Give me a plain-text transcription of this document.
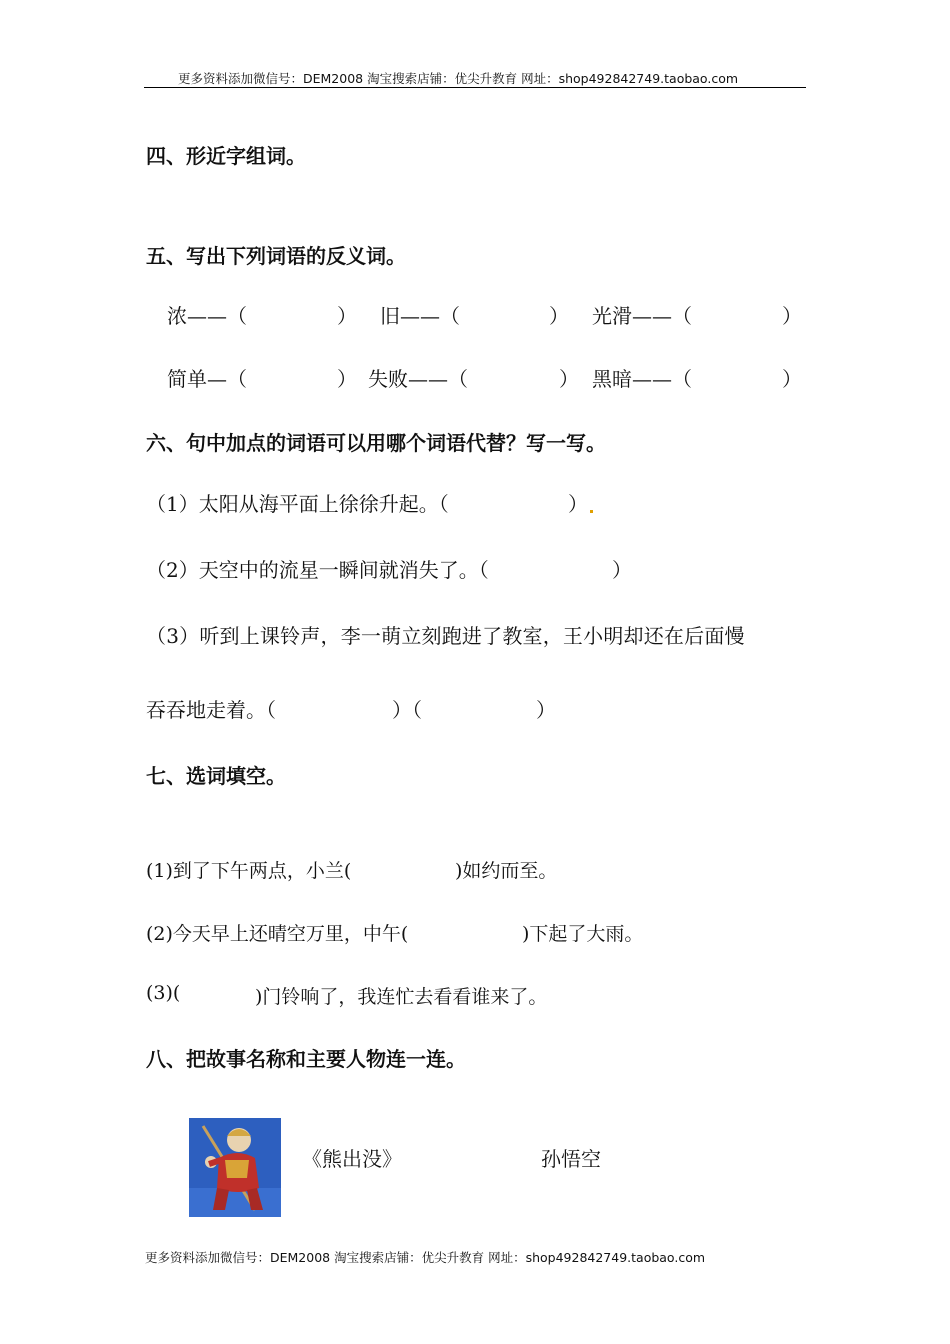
更多资料添加微信号：DEM2008 淘宝搜索店铺：优尖升教育 网址：shop492842749.taobao.com
四、形近字组词。
五、写出下列词语的反义词。
浓——（	） 旧——（	） 光滑——（	）
简单—（	） 失败——（	） 黑暗——（	）
六、句中加点的词语可以用哪个词语代替？写一写。
（1）太阳从海平面上徐徐升起。（	）
（2）天空中的流星一瞬间就消失了。（	）
（3）听到上课铃声，李一萌立刻跑进了教室，王小明却还在后面慢
吞吞地走着。（	）（	）
七、选词填空。
(1)到了下午两点，小兰(	)如约而至。
(2)今天早上还晴空万里，中午(	)下起了大雨。
(3)(	)门铃响了，我连忙去看看谁来了。
八、把故事名称和主要人物连一连。
《熊出没》	孙悟空
更多资料添加微信号：DEM2008 淘宝搜索店铺：优尖升教育 网址：shop492842749.taobao.com
